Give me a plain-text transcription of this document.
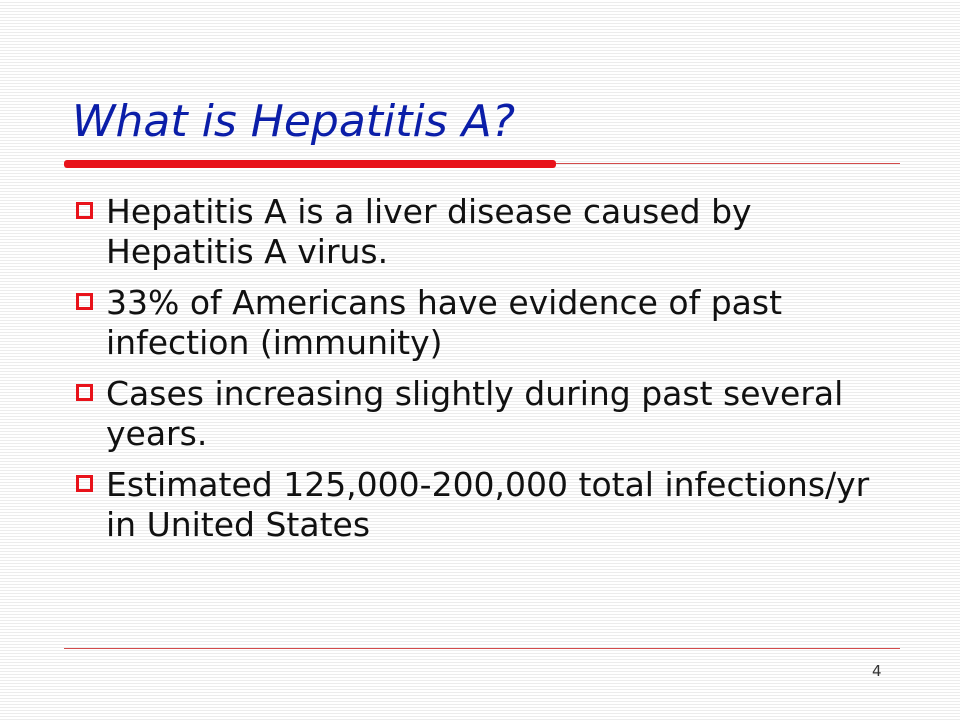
What is Hepatitis A?
Hepatitis A is a liver disease caused by Hepatitis A virus.
33% of Americans have evidence of past infection (immunity)
Cases increasing slightly during past several years.
Estimated 125,000-200,000 total infections/yr in United States
4
